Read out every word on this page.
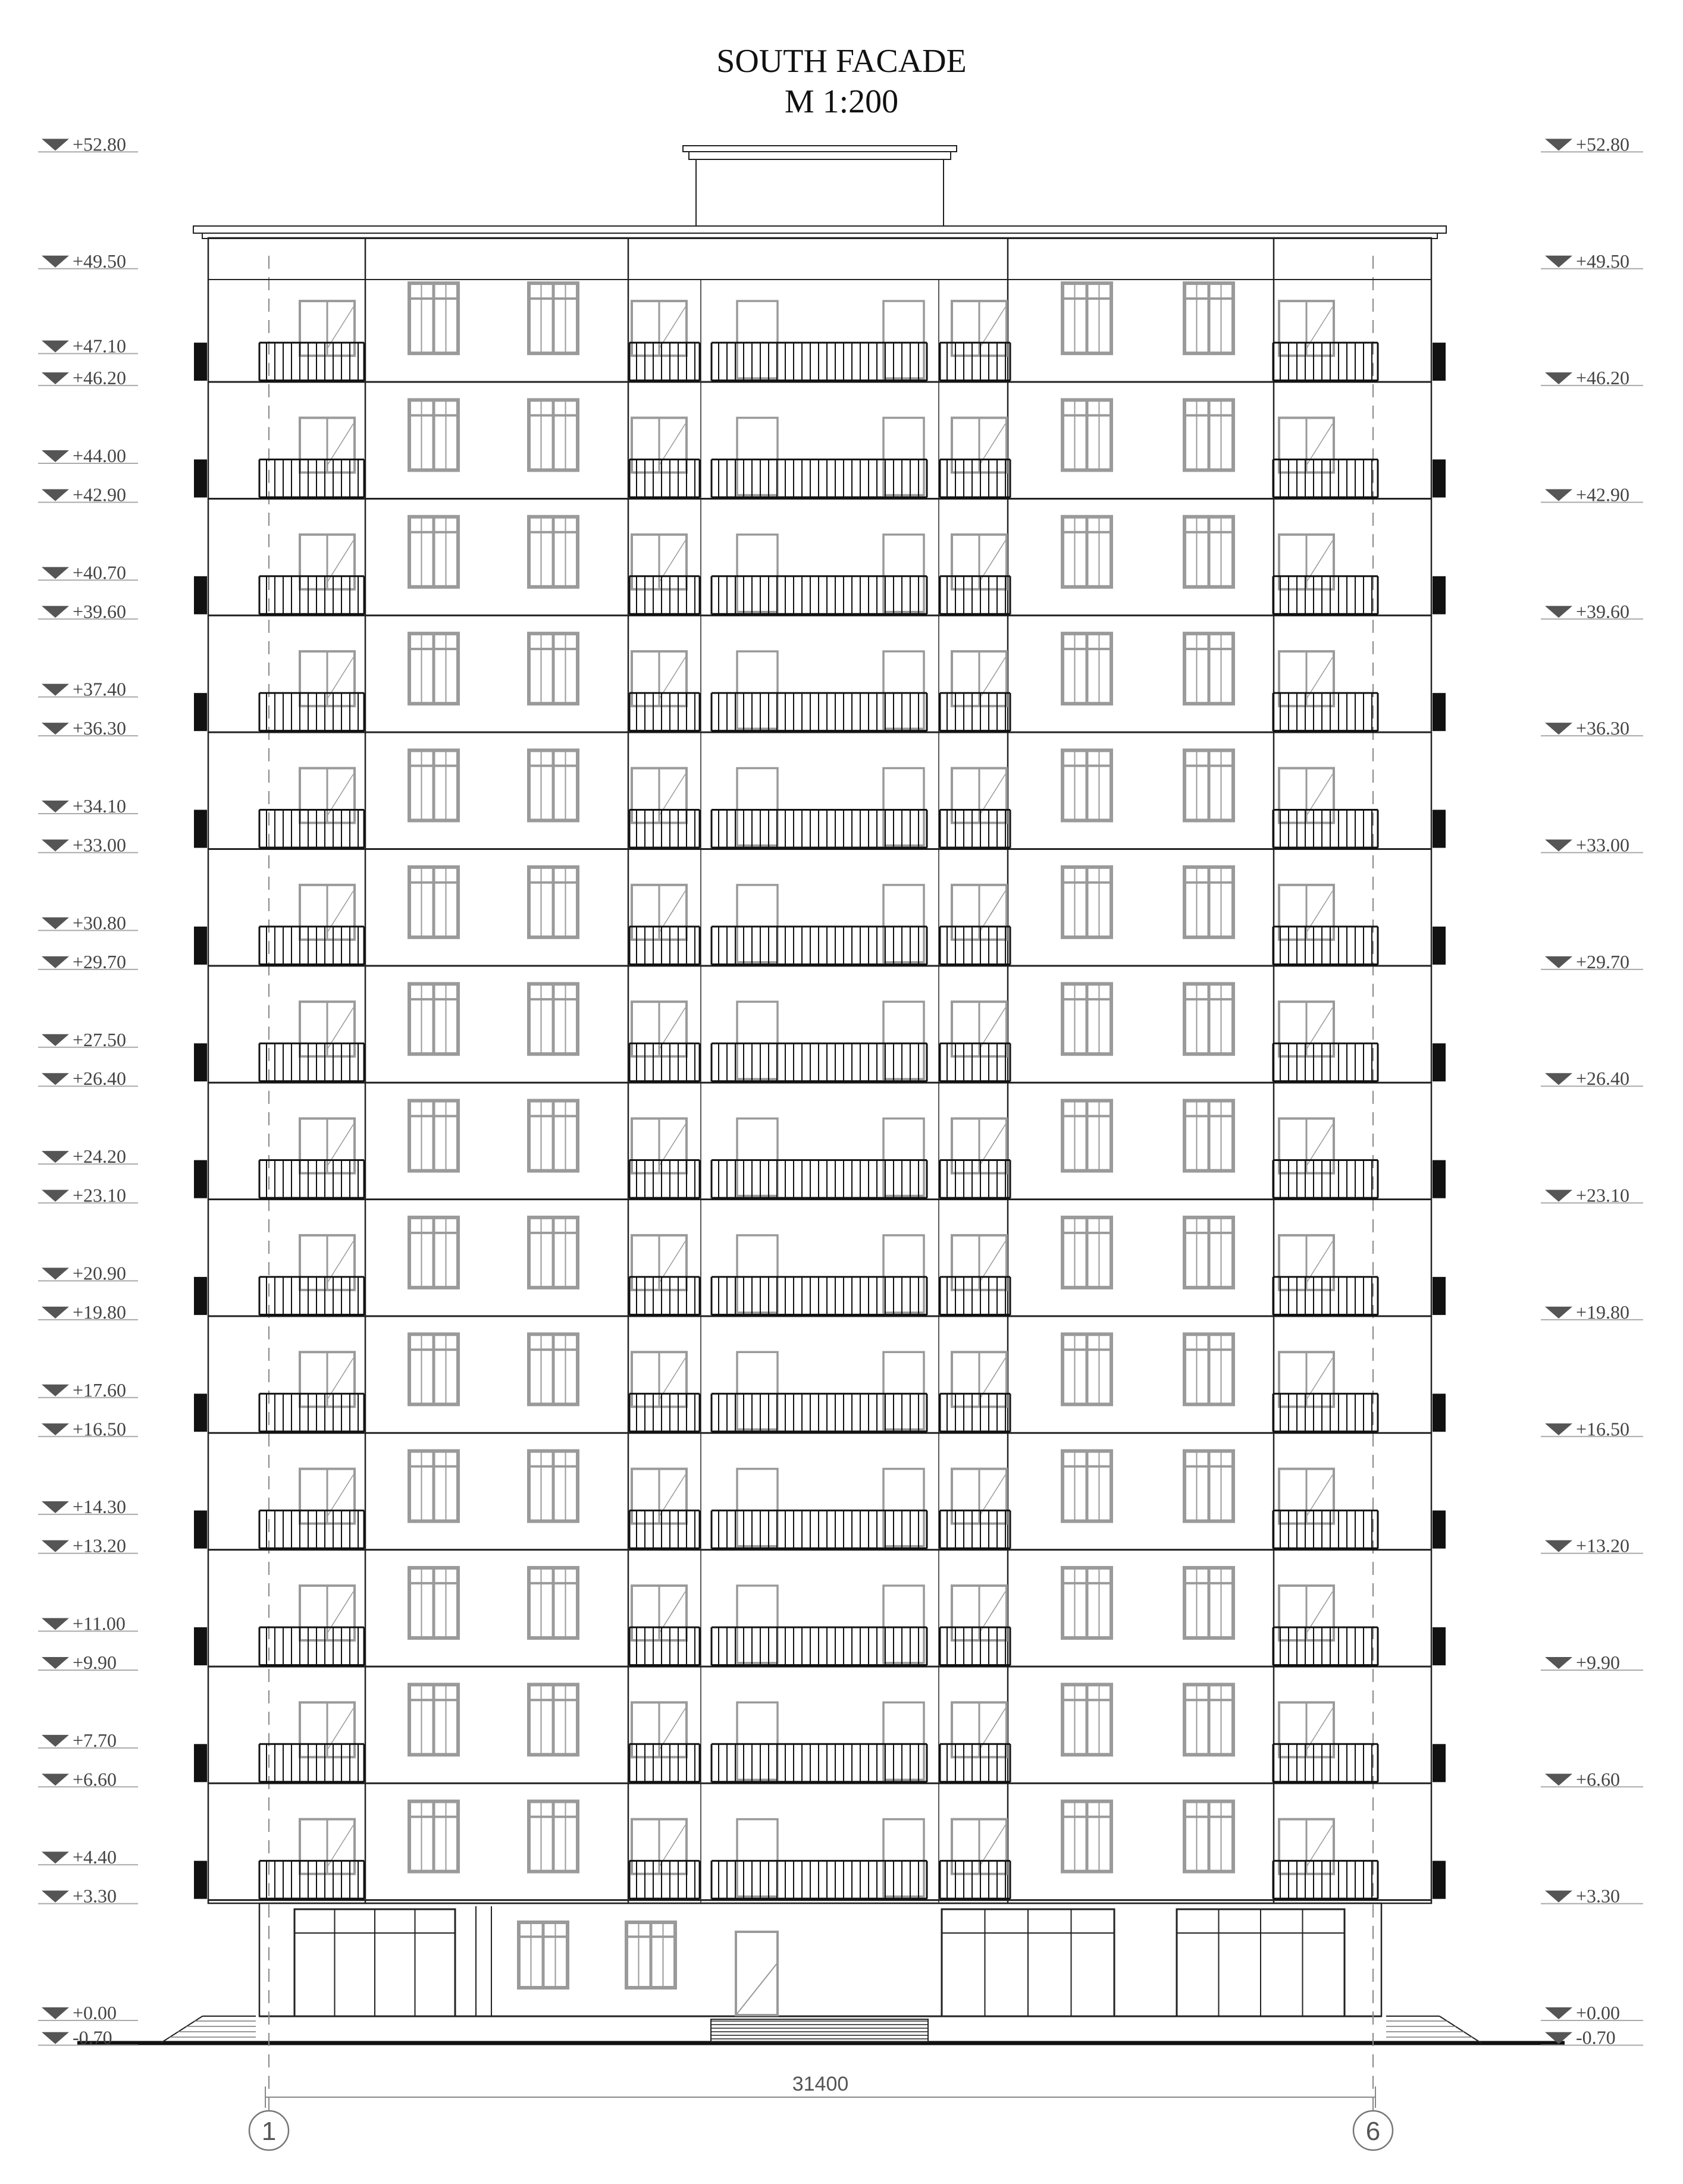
SOUTH FACADE
M 1:200
+52.80	+52.80
+49.50	+49.50
+47.10
+46.20	+46.20
+44.00
+42.90	+42.90
+40.70
+39.60	+39.60
+37.40
+36.30	+36.30
+34.10
+33.00	+33.00
+30.80
+29.70	+29.70
+27.50
+26.40	+26.40
+24.20
+23.10	+23.10
+20.90
+19.80	+19.80
+17.60
+16.50	+16.50
+14.30
+13.20	+13.20
+11.00
+9.90	+9.90
+7.70
+6.60	+6.60
+4.40
+3.30	+3.30
+0.00	+0.00
-0.70	-0.70
31400
1	6
